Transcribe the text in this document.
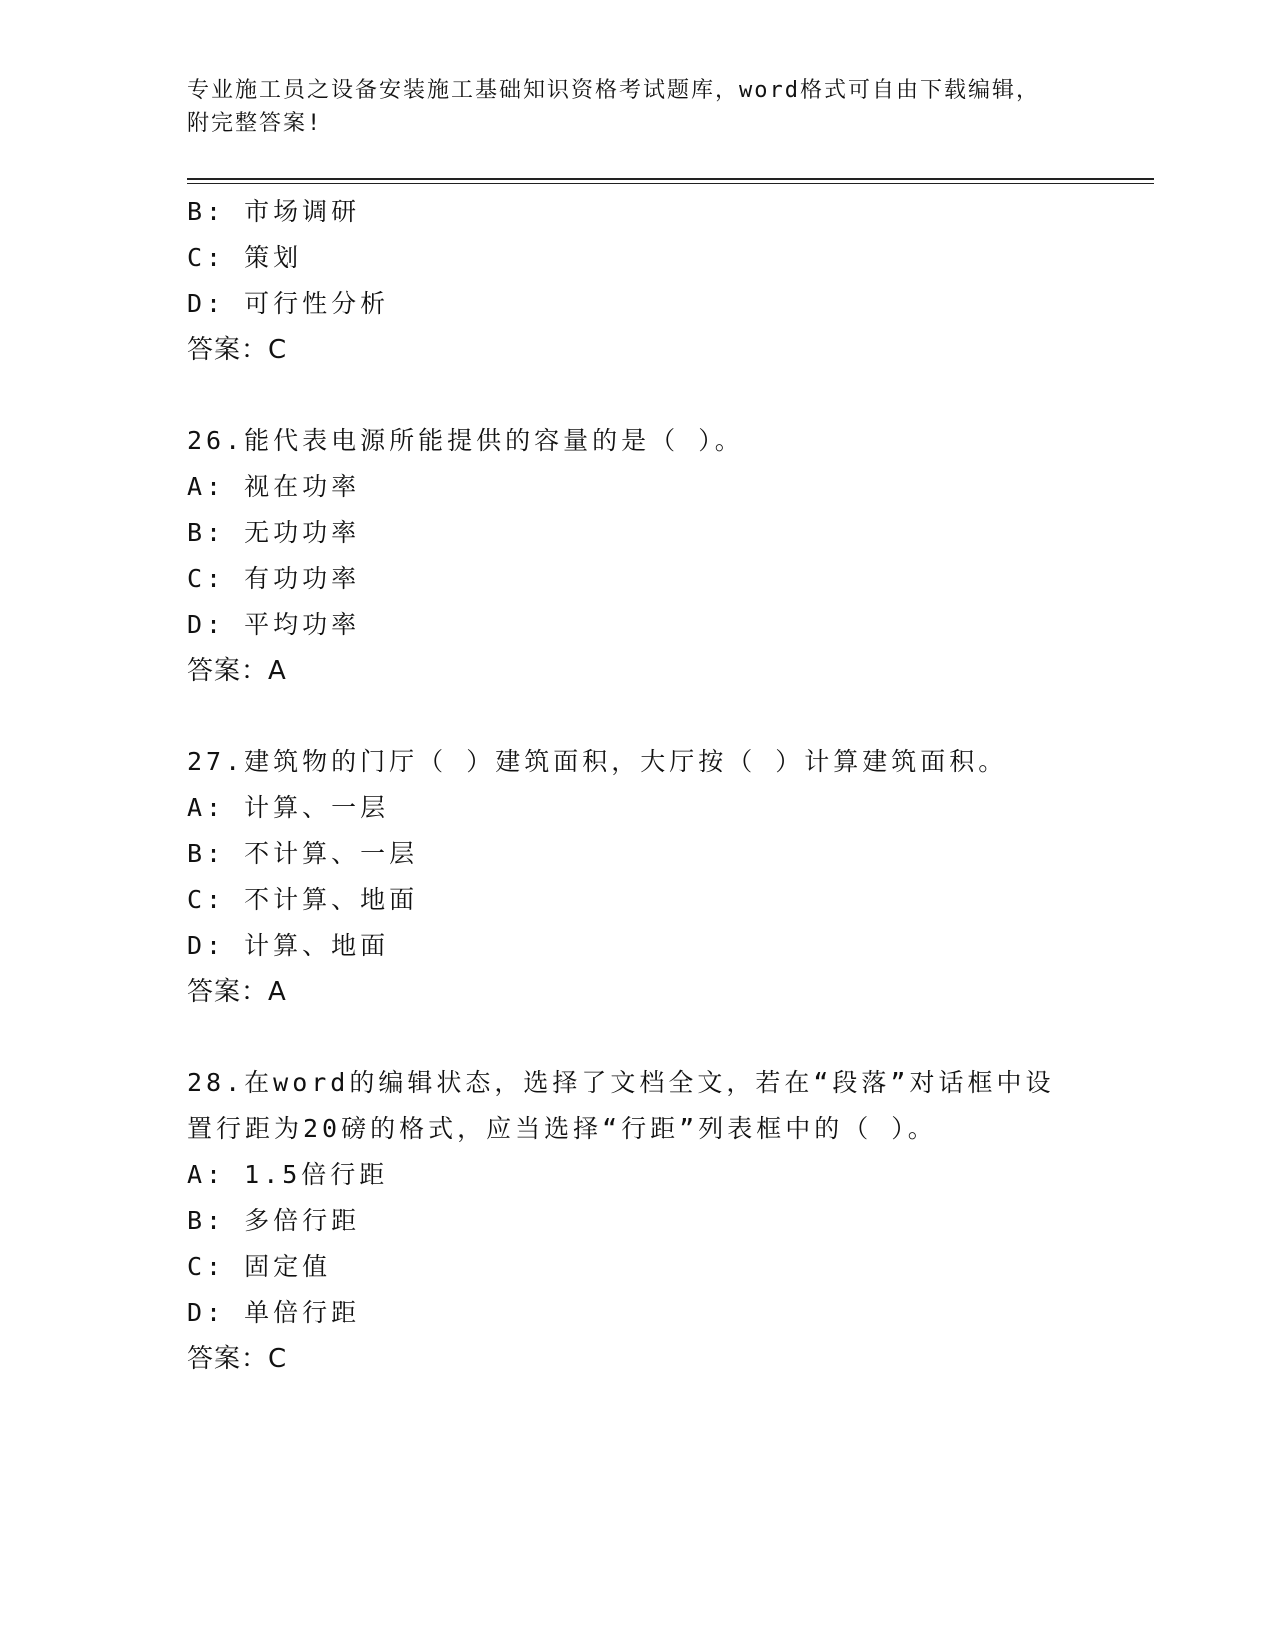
专业施工员之设备安装施工基础知识资格考试题库，word格式可自由下载编辑，
附完整答案!
B: 市场调研
C: 策划
D: 可行性分析
答案：C
26.能代表电源所能提供的容量的是（ ）。
A: 视在功率
B: 无功功率
C: 有功功率
D: 平均功率
答案：A
27.建筑物的门厅（ ）建筑面积，大厅按（ ）计算建筑面积。
A: 计算、一层
B: 不计算、一层
C: 不计算、地面
D: 计算、地面
答案：A
28.在word的编辑状态，选择了文档全文，若在“段落”对话框中设
置行距为20磅的格式，应当选择“行距”列表框中的（ ）。
A: 1.5倍行距
B: 多倍行距
C: 固定值
D: 单倍行距
答案：C
